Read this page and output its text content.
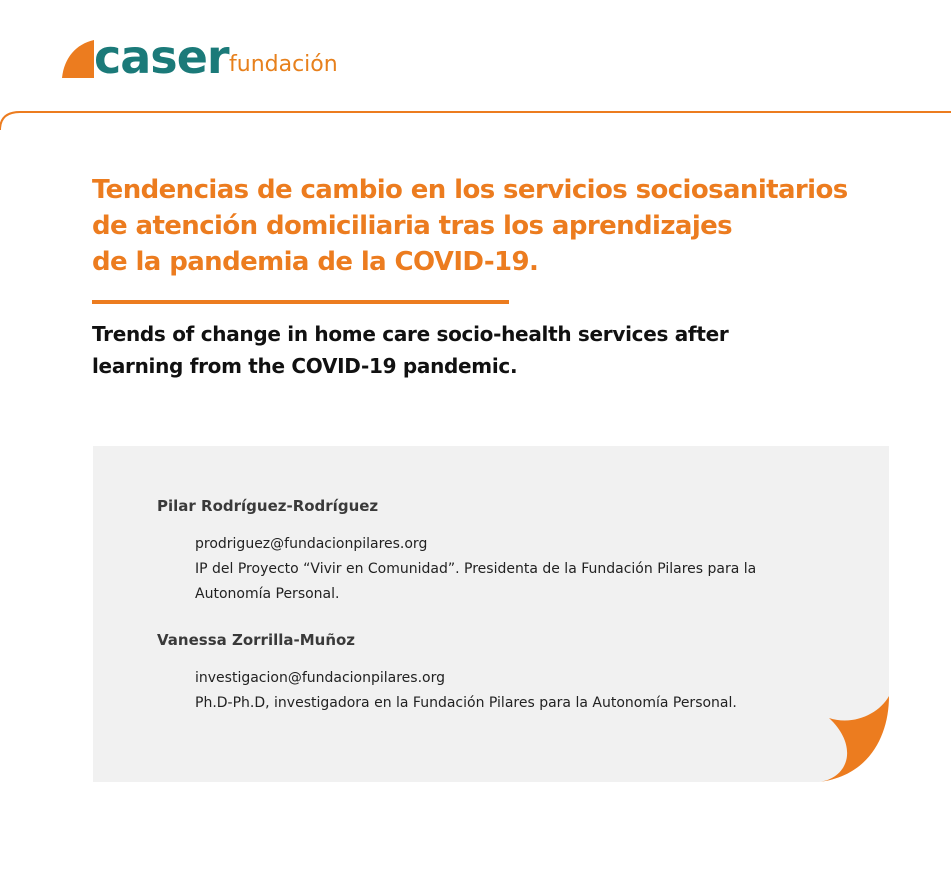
caser fundación
Tendencias de cambio en los servicios sociosanitarios
de atención domiciliaria tras los aprendizajes
de la pandemia de la COVID-19.
Trends of change in home care socio-health services after
learning from the COVID-19 pandemic.
Pilar Rodríguez-Rodríguez
prodriguez@fundacionpilares.org
IP del Proyecto “Vivir en Comunidad”. Presidenta de la Fundación Pilares para la
Autonomía Personal.
Vanessa Zorrilla-Muñoz
investigacion@fundacionpilares.org
Ph.D-Ph.D, investigadora en la Fundación Pilares para la Autonomía Personal.
